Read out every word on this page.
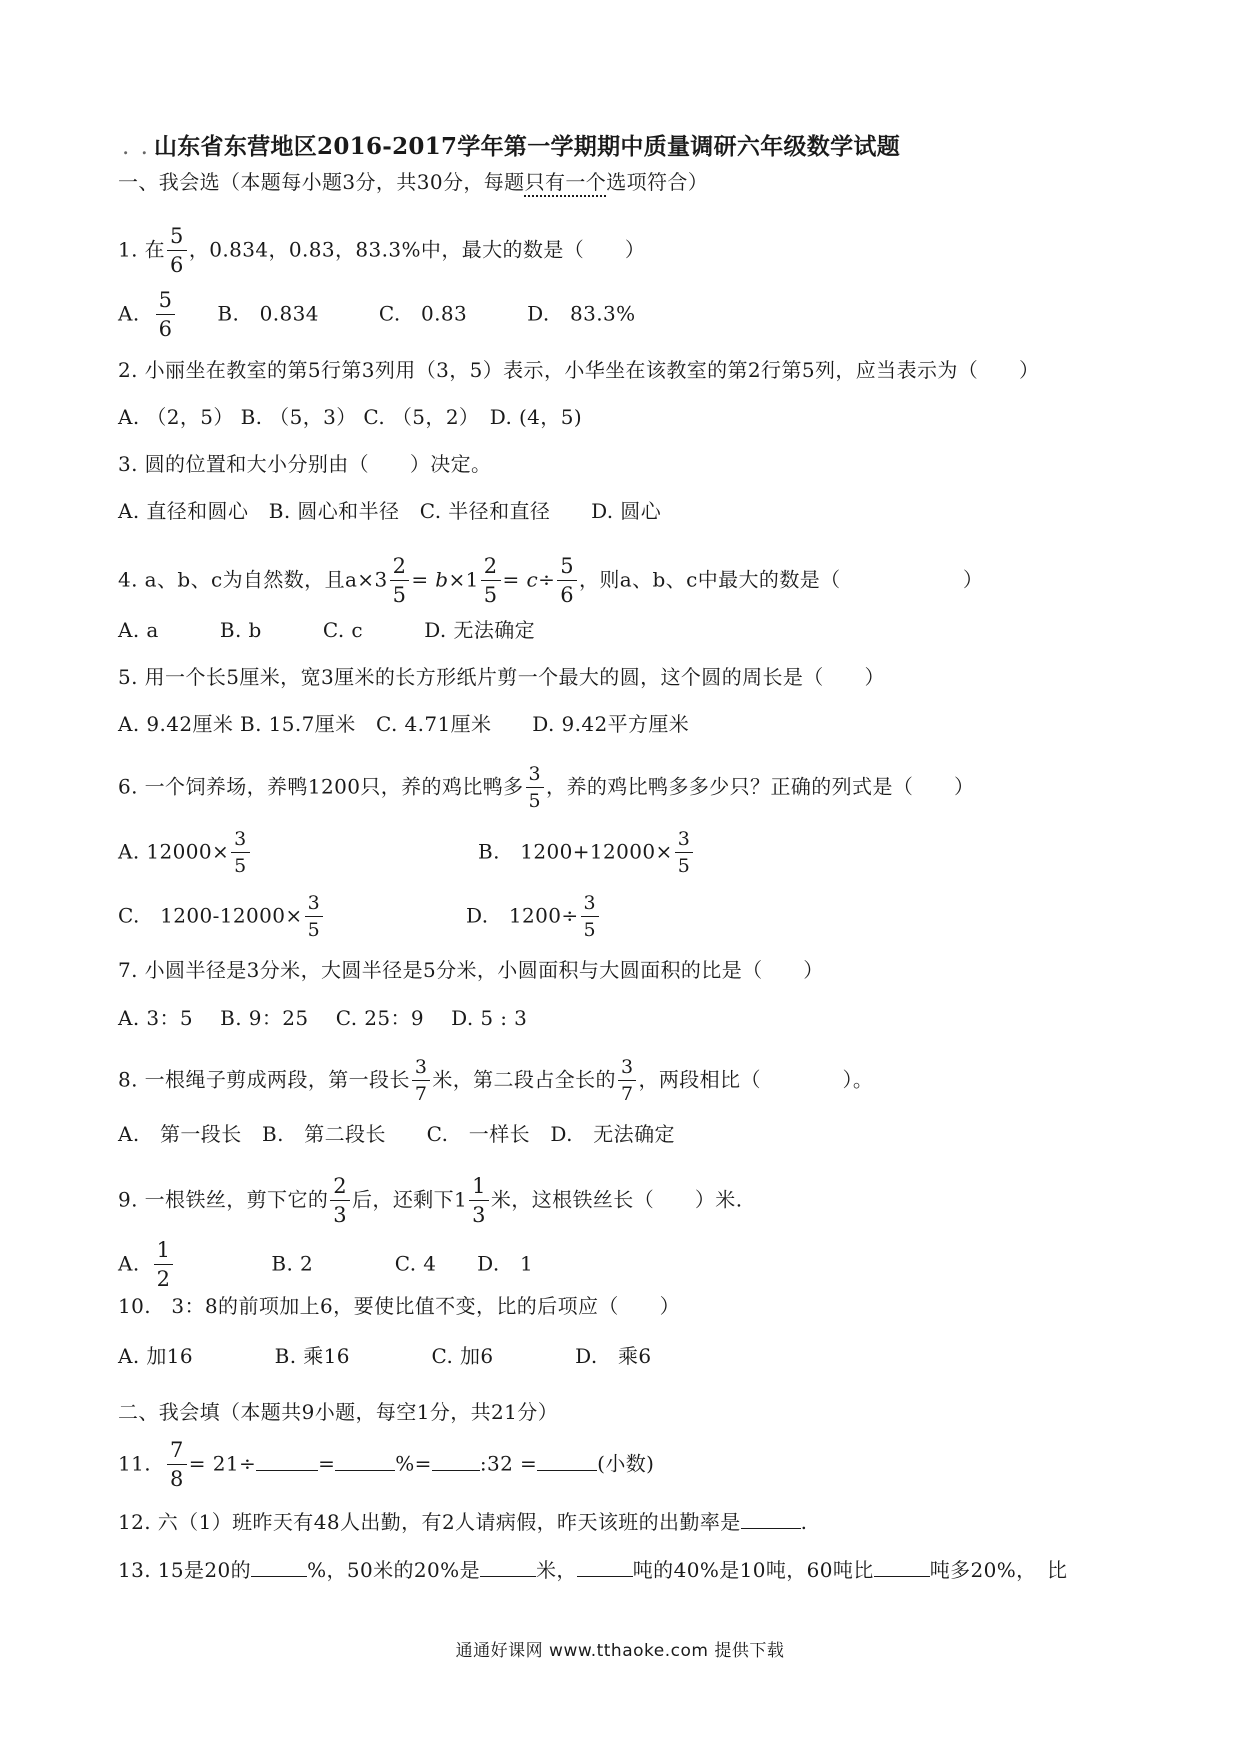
. . 山东省东营地区2016-2017学年第一学期期中质量调研六年级数学试题
一、我会选（本题每小题3分，共30分，每题只有一个选项符合）
1. 在 $\frac{5}{6}$ ，0.834，0.83，83.3%中，最大的数是（　　）
A. $\frac{5}{6} B$.　0.834	C.　0.83	D.　83.3%
2. 小丽坐在教室的第5行第3列用（3，5）表示，小华坐在该教室的第2行第5列，应当表示为（　　）
A. （2，5） B. （5，3） C. （5，2）　D. (4，5)
3. 圆的位置和大小分别由（　　）决定。
A. 直径和圆心　B. 圆心和半径　C. 半径和直径　　D. 圆心
4. a、b、c为自然数，且$a\times 3 \frac{2}{5} = b\times 1 \frac{2}{5} = c\div \frac{5}{6}$ ，则a、b、c中最大的数是（　　　　　　）
A. a　　　B. b　　　C. c　　　D. 无法确定
5. 用一个长5厘米，宽3厘米的长方形纸片剪一个最大的圆，这个圆的周长是（　　）
A. 9.42厘米 B. 15.7厘米　C. 4.71厘米　　D. 9.42平方厘米
6. 一个饲养场，养鸭1200只，养的鸡比鸭多 $\frac{3}{5}$ ，养的鸡比鸭多多少只？正确的列式是（　　）
A. $12000\times \frac{3}{5}$	B.　$1200+12000\times \frac{3}{5}$
C.　$1200-12000\times \frac{3}{5}$	D.　$1200\div \frac{3}{5}$
7. 小圆半径是3分米，大圆半径是5分米，小圆面积与大圆面积的比是（　　）
A. 3：5　 B. 9：25　 C. 25：9　 D. 5 : 3
8. 一根绳子剪成两段，第一段长 $\frac{3}{7}$ 米，第二段占全长的 $\frac{3}{7}$ ，两段相比（　　　　）。
A.　第一段长　B.　第二段长　　C.　一样长　D.　无法确定
9. 一根铁丝，剪下它的 $\frac{2}{3}$ 后，还剩下$1 \frac{1}{3}$ 米，这根铁丝长（　　）米.
A. $\frac{1}{2}$	B. 2　　　　C. 4　　D.　1
10.　3：8的前项加上6，要使比值不变，比的后项应（　　）
A. 加16　　　　B. 乘16　　　　C. 加6　　　　D.　乘6
二、我会填（本题共9小题，每空1分，共21分）
11. $\frac{7}{8} = 21\div$	=	%= :32 =	(小数)
12. 六（1）班昨天有48人出勤，有2人请病假，昨天该班的出勤率是	.
13. 15是20的	%，50米的20%是	米，	吨的40%是10吨，60吨比	吨多20%，　比
通通好课网 www.tthaoke.com 提供下载
